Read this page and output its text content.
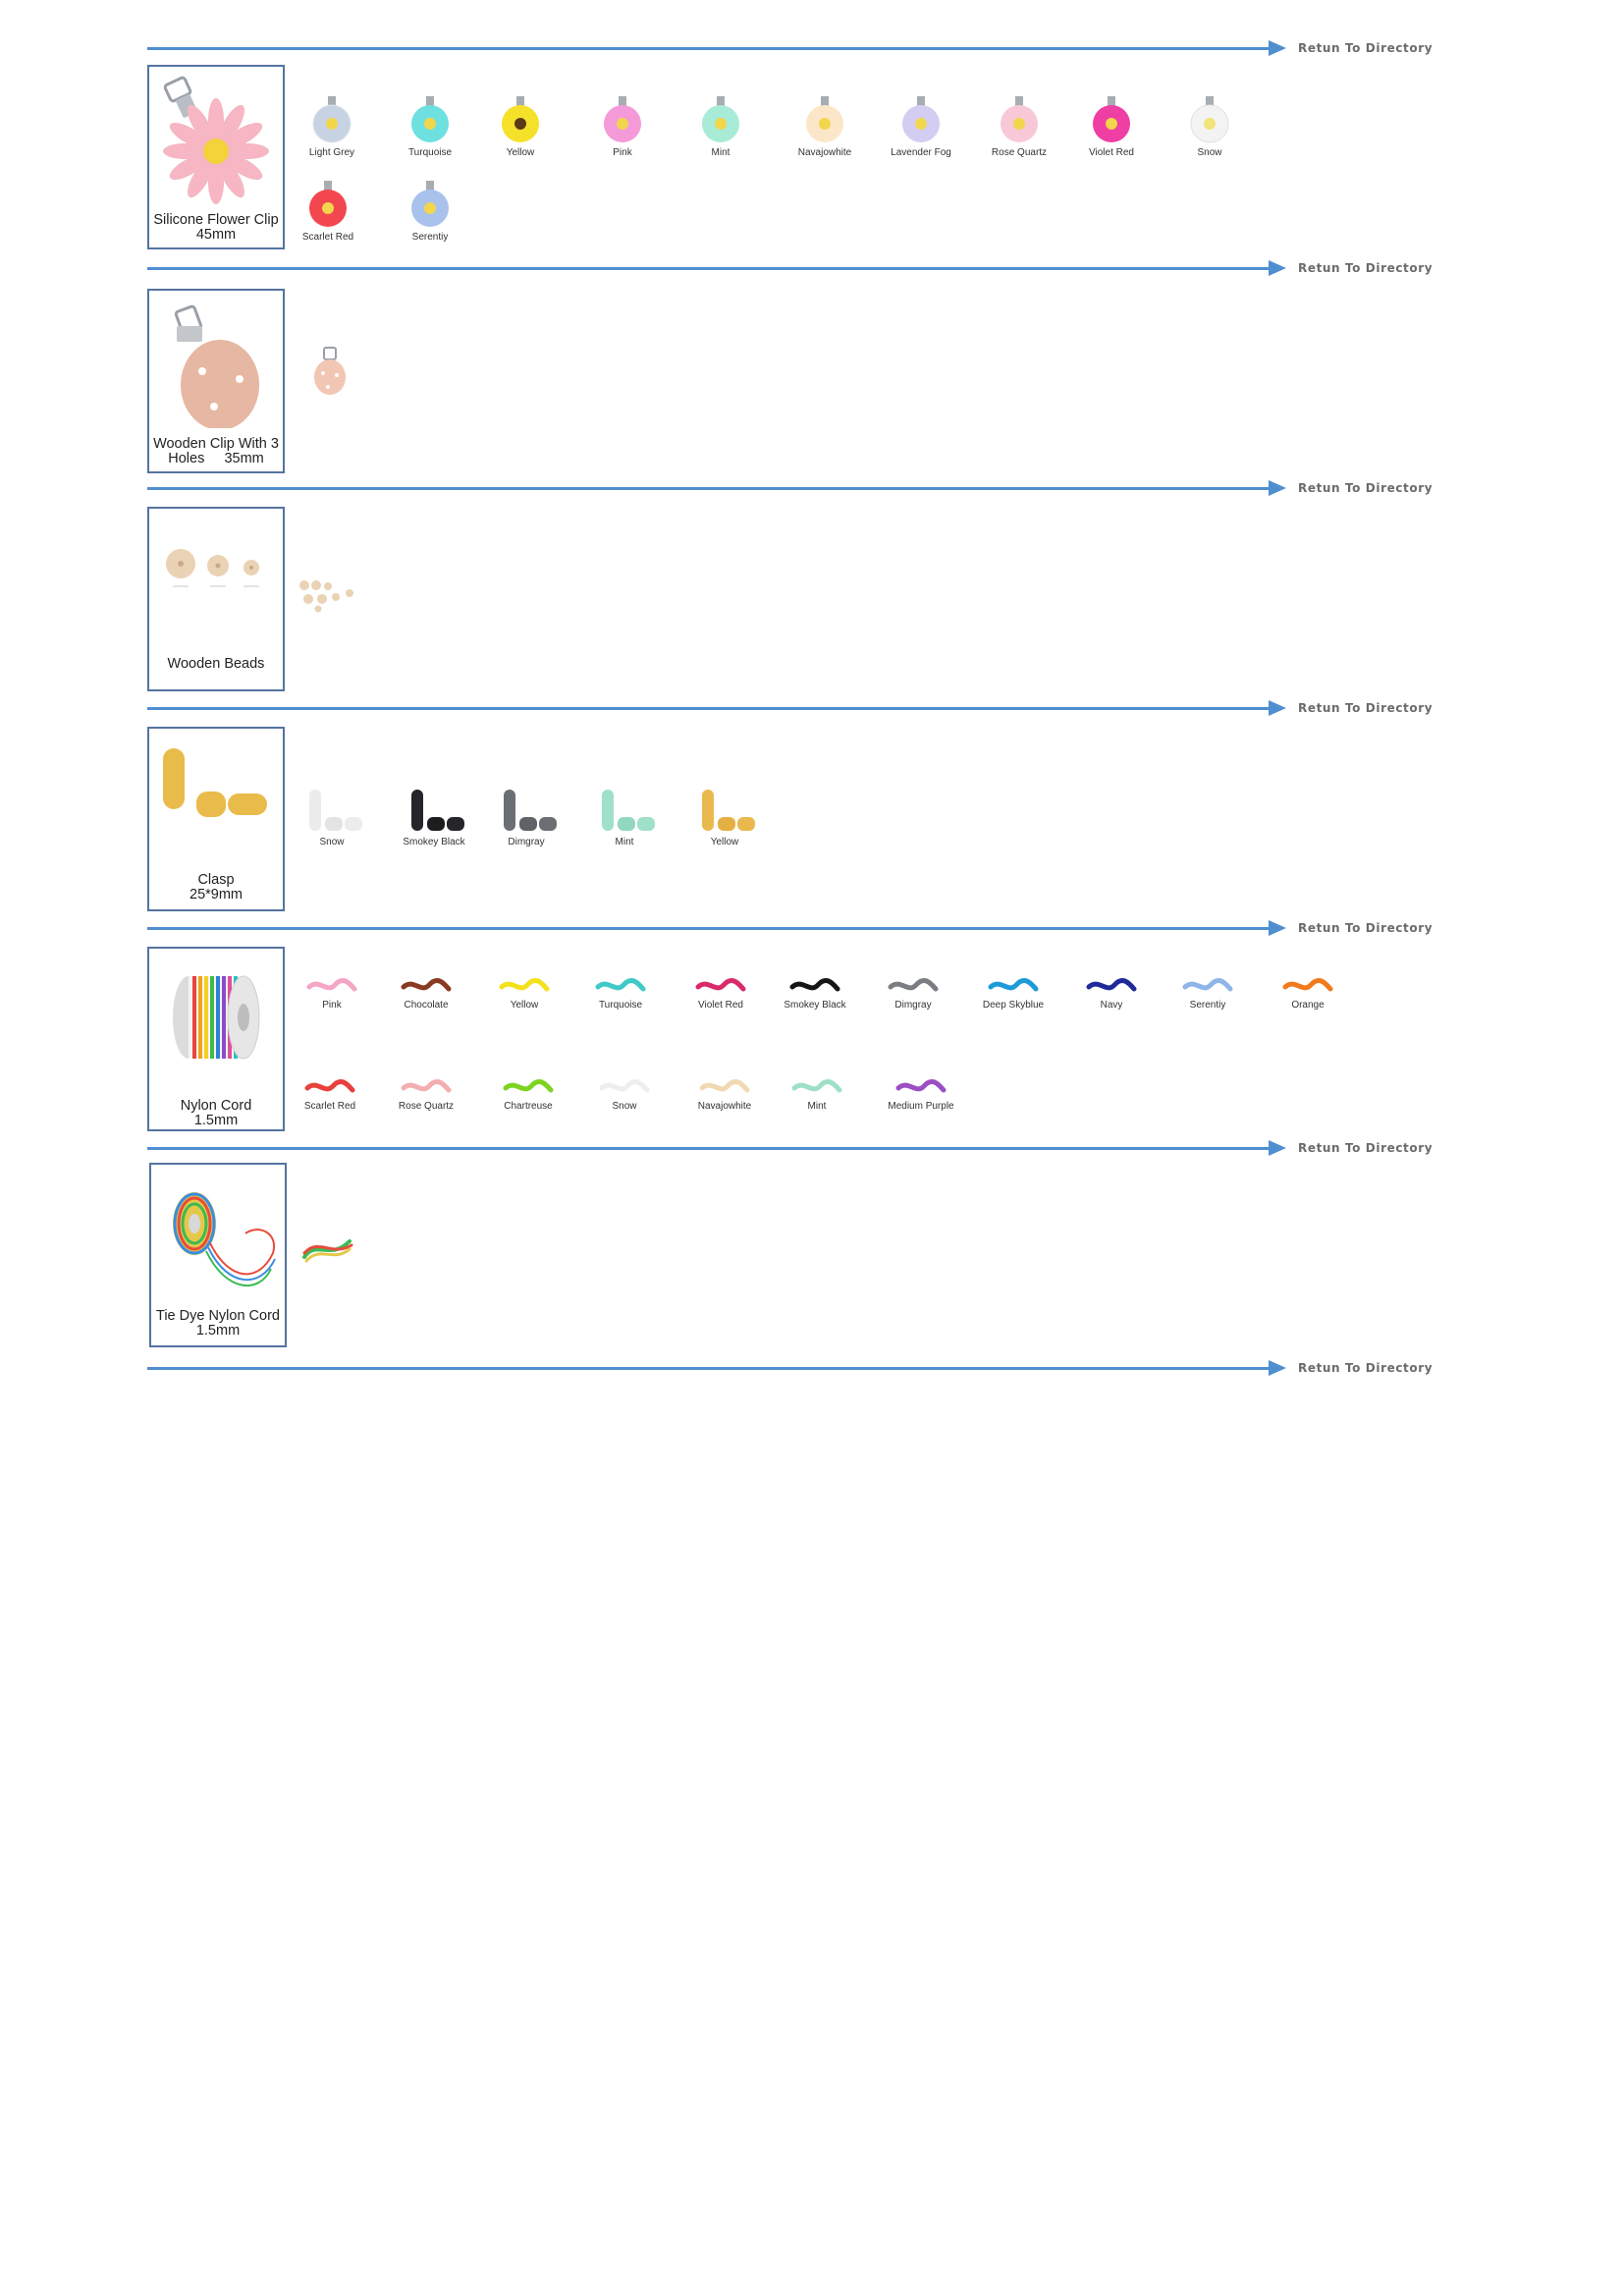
Retun To Directory
Retun To Directory
Retun To Directory
Retun To Directory
Retun To Directory
Retun To Directory
Retun To Directory
Silicone Flower Clip
45mm
Light Grey	Turquoise	Yellow	Pink	Mint	Navajowhite	Lavender Fog	Rose Quartz	Violet Red	Snow
Scarlet Red	Serentiy
Wooden Clip With 3
Holes     35mm
Wooden Beads
Clasp
25*9mm
Snow	Smokey Black	Dimgray	Mint	Yellow
Nylon Cord
1.5mm
Pink	Chocolate	Yellow	Turquoise	Violet Red	Smokey Black	Dimgray	Deep Skyblue	Navy	Serentiy	Orange
Scarlet Red	Rose Quartz	Chartreuse	Snow	Navajowhite	Mint	Medium Purple
Tie Dye Nylon Cord
1.5mm
